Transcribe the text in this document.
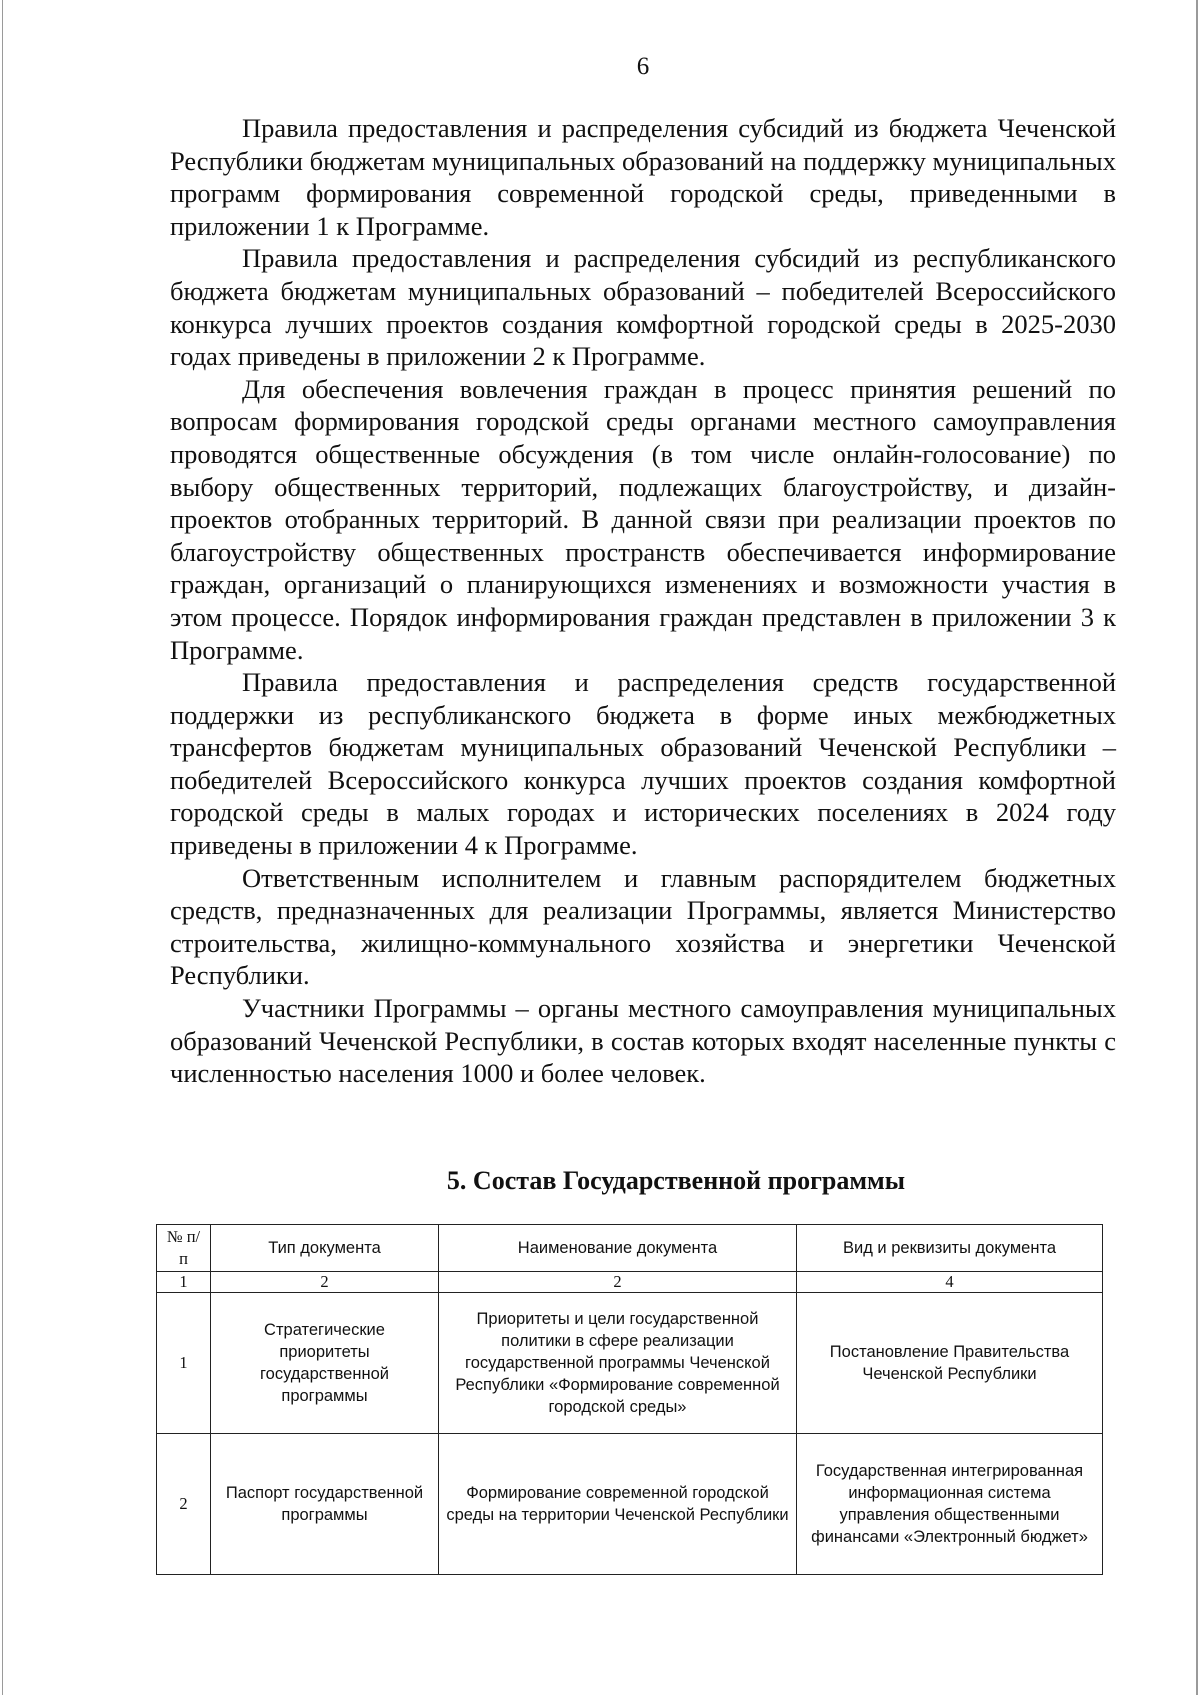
6

Правила предоставления и распределения субсидий из бюджета Чеченской Республики бюджетам муниципальных образований на поддержку муниципальных программ формирования современной городской среды, приведенными в приложении 1 к Программе.

Правила предоставления и распределения субсидий из республиканского бюджета бюджетам муниципальных образований – победителей Всероссийского конкурса лучших проектов создания комфортной городской среды в 2025-2030 годах приведены в приложении 2 к Программе.

Для обеспечения вовлечения граждан в процесс принятия решений по вопросам формирования городской среды органами местного самоуправления проводятся общественные обсуждения (в том числе онлайн-голосование) по выбору общественных территорий, подлежащих благоустройству, и дизайн-проектов отобранных территорий. В данной связи при реализации проектов по благоустройству общественных пространств обеспечивается информирование граждан, организаций о планирующихся изменениях и возможности участия в этом процессе. Порядок информирования граждан представлен в приложении 3 к Программе.

Правила предоставления и распределения средств государственной поддержки из республиканского бюджета в форме иных межбюджетных трансфертов бюджетам муниципальных образований Чеченской Республики – победителей Всероссийского конкурса лучших проектов создания комфортной городской среды в малых городах и исторических поселениях в 2024 году приведены в приложении 4 к Программе.

Ответственным исполнителем и главным распорядителем бюджетных средств, предназначенных для реализации Программы, является Министерство строительства, жилищно-коммунального хозяйства и энергетики Чеченской Республики.

Участники Программы – органы местного самоуправления муниципальных образований Чеченской Республики, в состав которых входят населенные пункты с численностью населения 1000 и более человек.

5. Состав Государственной программы
№ п/п	Тип документа	Наименование документа	Вид и реквизиты документа
1	2	2	4
1	Стратегические приоритеты государственной программы	Приоритеты и цели государственной политики в сфере реализации государственной программы Чеченской Республики «Формирование современной городской среды»	Постановление Правительства Чеченской Республики
2	Паспорт государственной программы	Формирование современной городской среды на территории Чеченской Республики	Государственная интегрированная информационная система управления общественными финансами «Электронный бюджет»
